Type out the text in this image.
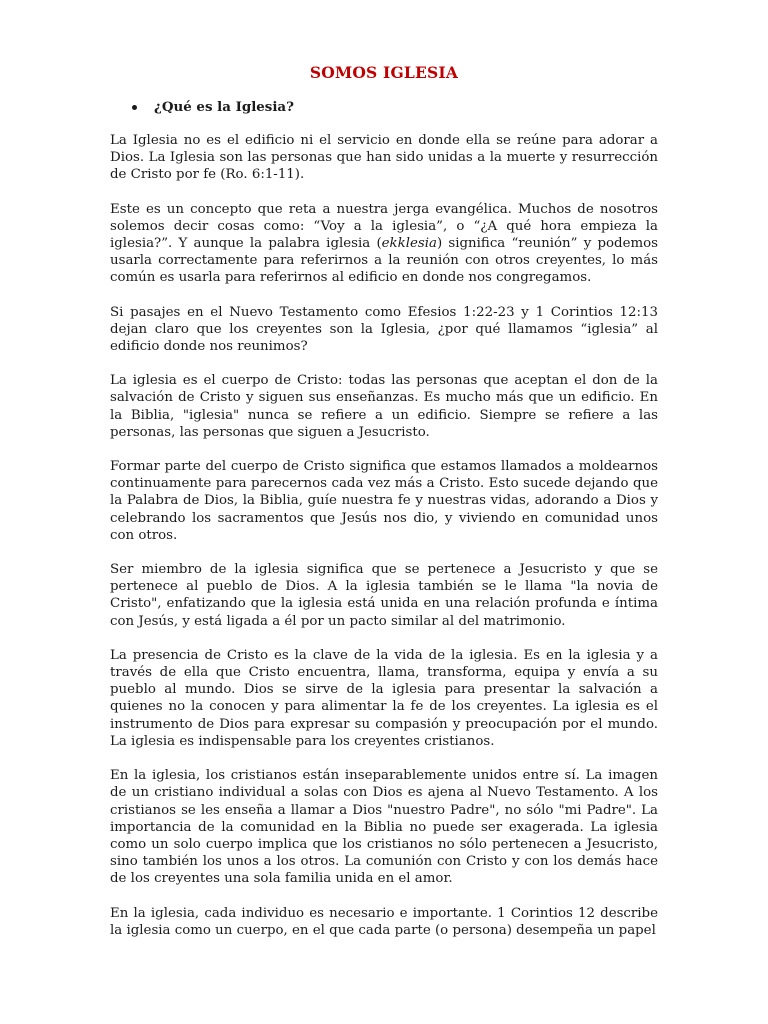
SOMOS IGLESIA
¿Qué es la Iglesia?

La Iglesia no es el edificio ni el servicio en donde ella se reúne para adorar a Dios. La Iglesia son las personas que han sido unidas a la muerte y resurrección de Cristo por fe (Ro. 6:1-11).

Este es un concepto que reta a nuestra jerga evangélica. Muchos de nosotros solemos decir cosas como: “Voy a la iglesia”, o “¿A qué hora empieza la iglesia?”. Y aunque la palabra iglesia (ekklesia) significa “reunión” y podemos usarla correctamente para referirnos a la reunión con otros creyentes, lo más común es usarla para referirnos al edificio en donde nos congregamos.

Si pasajes en el Nuevo Testamento como Efesios 1:22-23 y 1 Corintios 12:13 dejan claro que los creyentes son la Iglesia, ¿por qué llamamos “iglesia” al edificio donde nos reunimos?

La iglesia es el cuerpo de Cristo: todas las personas que aceptan el don de la salvación de Cristo y siguen sus enseñanzas. Es mucho más que un edificio. En la Biblia, "iglesia" nunca se refiere a un edificio. Siempre se refiere a las personas, las personas que siguen a Jesucristo.

Formar parte del cuerpo de Cristo significa que estamos llamados a moldearnos continuamente para parecernos cada vez más a Cristo. Esto sucede dejando que la Palabra de Dios, la Biblia, guíe nuestra fe y nuestras vidas, adorando a Dios y celebrando los sacramentos que Jesús nos dio, y viviendo en comunidad unos con otros.

Ser miembro de la iglesia significa que se pertenece a Jesucristo y que se pertenece al pueblo de Dios. A la iglesia también se le llama "la novia de Cristo", enfatizando que la iglesia está unida en una relación profunda e íntima con Jesús, y está ligada a él por un pacto similar al del matrimonio.

La presencia de Cristo es la clave de la vida de la iglesia. Es en la iglesia y a través de ella que Cristo encuentra, llama, transforma, equipa y envía a su pueblo al mundo. Dios se sirve de la iglesia para presentar la salvación a quienes no la conocen y para alimentar la fe de los creyentes. La iglesia es el instrumento de Dios para expresar su compasión y preocupación por el mundo. La iglesia es indispensable para los creyentes cristianos.

En la iglesia, los cristianos están inseparablemente unidos entre sí. La imagen de un cristiano individual a solas con Dios es ajena al Nuevo Testamento. A los cristianos se les enseña a llamar a Dios "nuestro Padre", no sólo "mi Padre". La importancia de la comunidad en la Biblia no puede ser exagerada. La iglesia como un solo cuerpo implica que los cristianos no sólo pertenecen a Jesucristo, sino también los unos a los otros. La comunión con Cristo y con los demás hace de los creyentes una sola familia unida en el amor.

En la iglesia, cada individuo es necesario e importante. 1 Corintios 12 describe la iglesia como un cuerpo, en el que cada parte (o persona) desempeña un papel
